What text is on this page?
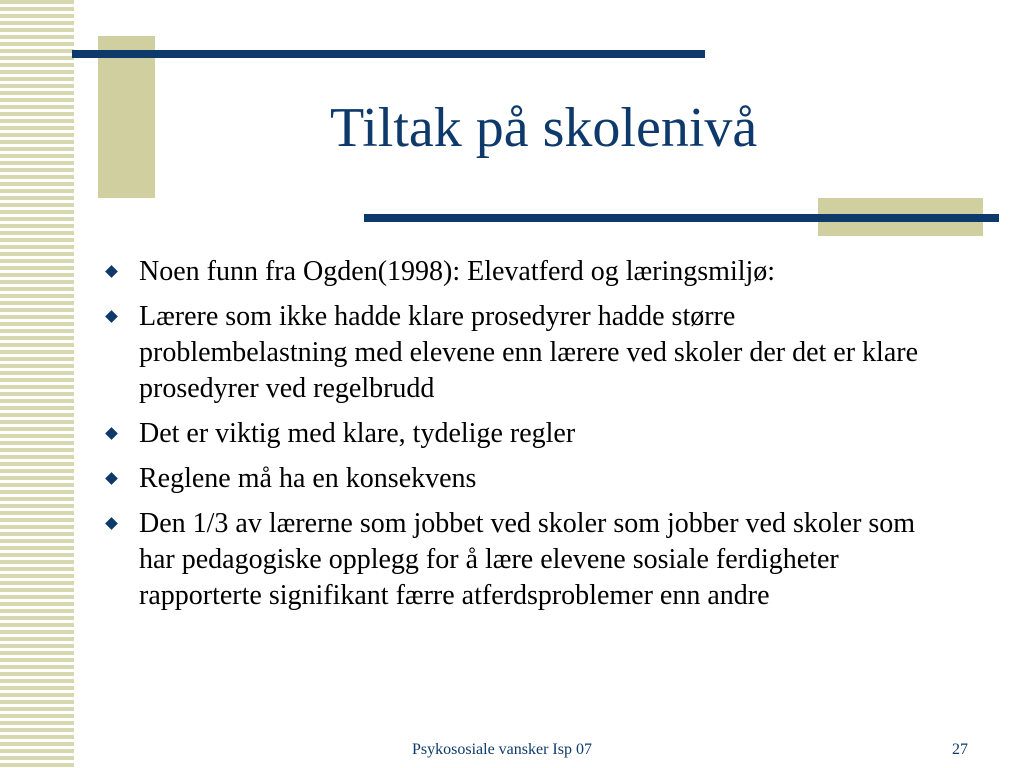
Tiltak på skolenivå
Noen funn fra Ogden(1998): Elevatferd og læringsmiljø:
Lærere som ikke hadde klare prosedyrer hadde større problembelastning med elevene enn lærere ved skoler der det er klare prosedyrer ved regelbrudd
Det er viktig med klare, tydelige regler
Reglene må ha en konsekvens
Den 1/3 av lærerne som jobbet ved skoler som jobber ved skoler som har pedagogiske opplegg for å lære elevene sosiale ferdigheter rapporterte signifikant færre atferdsproblemer enn andre
Psykososiale vansker Isp 07	27
